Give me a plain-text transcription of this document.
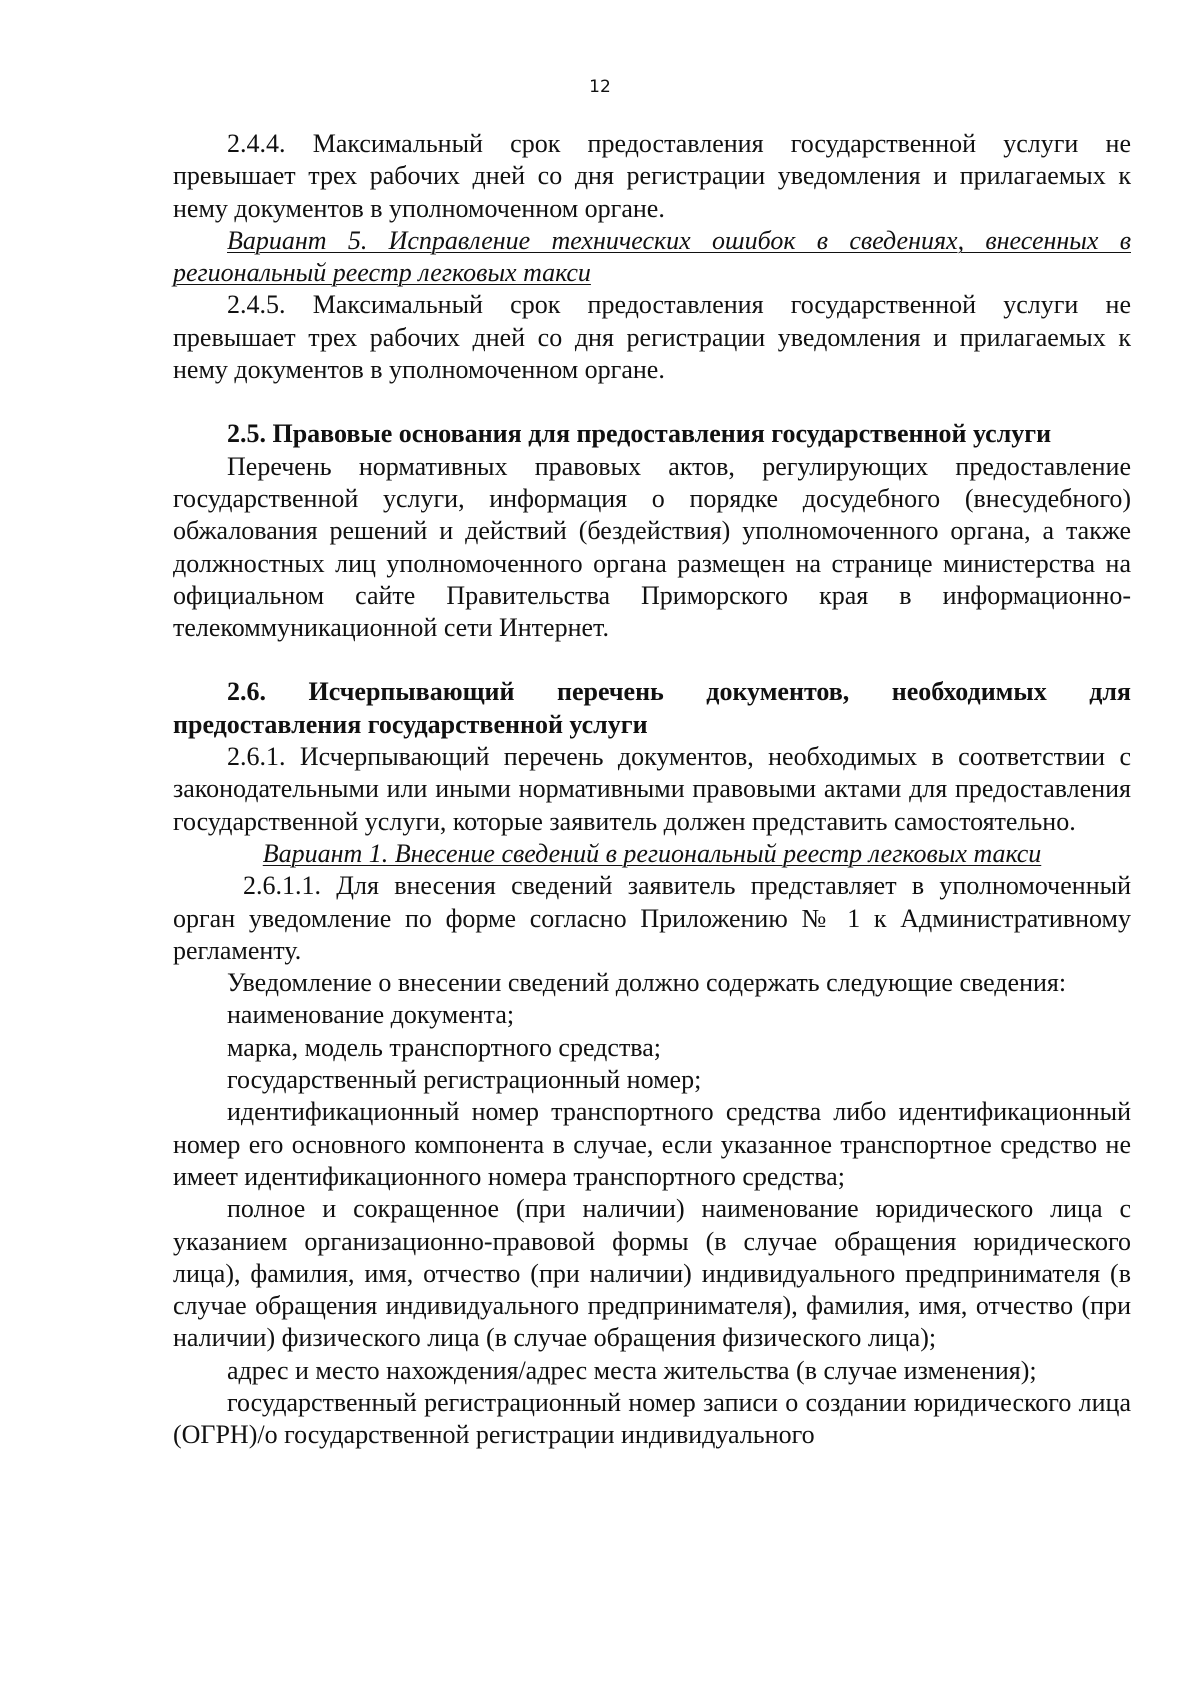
12

2.4.4. Максимальный срок предоставления государственной услуги не превышает трех рабочих дней со дня регистрации уведомления и прилагаемых к нему документов в уполномоченном органе.

Вариант 5. Исправление технических ошибок в сведениях, внесенных в региональный реестр легковых такси

2.4.5. Максимальный срок предоставления государственной услуги не превышает трех рабочих дней со дня регистрации уведомления и прилагаемых к нему документов в уполномоченном органе.

2.5. Правовые основания для предоставления государственной услуги

Перечень нормативных правовых актов, регулирующих предоставление государственной услуги, информация о порядке досудебного (внесудебного) обжалования решений и действий (бездействия) уполномоченного органа, а также должностных лиц уполномоченного органа размещен на странице министерства на официальном сайте Правительства Приморского края в информационно-телекоммуникационной сети Интернет.

2.6. Исчерпывающий перечень документов, необходимых для предоставления государственной услуги

2.6.1. Исчерпывающий перечень документов, необходимых в соответствии с законодательными или иными нормативными правовыми актами для предоставления государственной услуги, которые заявитель должен представить самостоятельно.

Вариант 1. Внесение сведений в региональный реестр легковых такси

2.6.1.1. Для внесения сведений заявитель представляет в уполномоченный орган уведомление по форме согласно Приложению № 1 к Административному регламенту.

Уведомление о внесении сведений должно содержать следующие сведения:

наименование документа;

марка, модель транспортного средства;

государственный регистрационный номер;

идентификационный номер транспортного средства либо идентификационный номер его основного компонента в случае, если указанное транспортное средство не имеет идентификационного номера транспортного средства;

полное и сокращенное (при наличии) наименование юридического лица с указанием организационно-правовой формы (в случае обращения юридического лица), фамилия, имя, отчество (при наличии) индивидуального предпринимателя (в случае обращения индивидуального предпринимателя), фамилия, имя, отчество (при наличии) физического лица (в случае обращения физического лица);

адрес и место нахождения/адрес места жительства (в случае изменения);

государственный регистрационный номер записи о создании юридического лица (ОГРН)/о государственной регистрации индивидуального
